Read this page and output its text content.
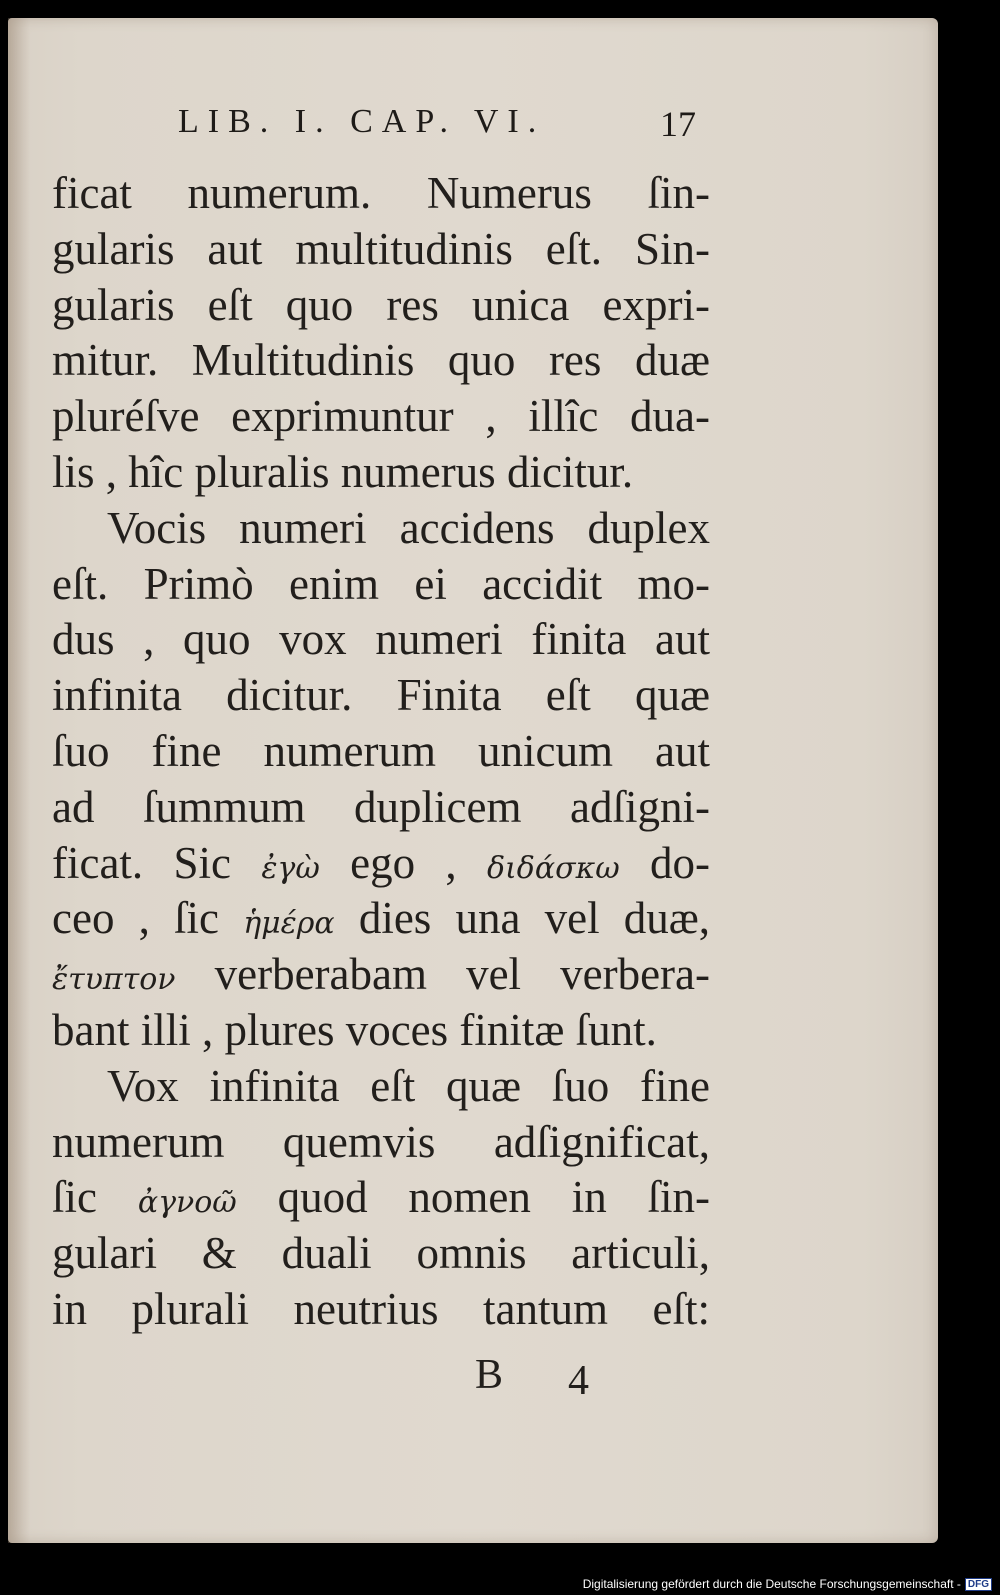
LIB. I. CAP. VI.	17
ficat numerum. Numerus ſin-
gularis aut multitudinis eſt. Sin-
gularis eſt quo res unica expri-
mitur. Multitudinis quo res duæ
pluréſve exprimuntur , illîc dua-
lis , hîc pluralis numerus dicitur.
Vocis numeri accidens duplex
eſt. Primò enim ei accidit mo-
dus , quo vox numeri finita aut
infinita dicitur. Finita eſt quæ
ſuo fine numerum unicum aut
ad ſummum duplicem adſigni-
ficat. Sic ἐγὼ ego , διδάσκω do-
ceo , ſic ἡμέρα dies una vel duæ,
ἔτυπτον verberabam vel verbera-
bant illi , plures voces finitæ ſunt.
Vox infinita eſt quæ ſuo fine
numerum quemvis adſignificat,
ſic ἀγνοῶ quod nomen in ſin-
gulari & duali omnis articuli,
in plurali neutrius tantum eſt:
B 4
Digitalisierung gefördert durch die Deutsche Forschungsgemeinschaft - DFG
